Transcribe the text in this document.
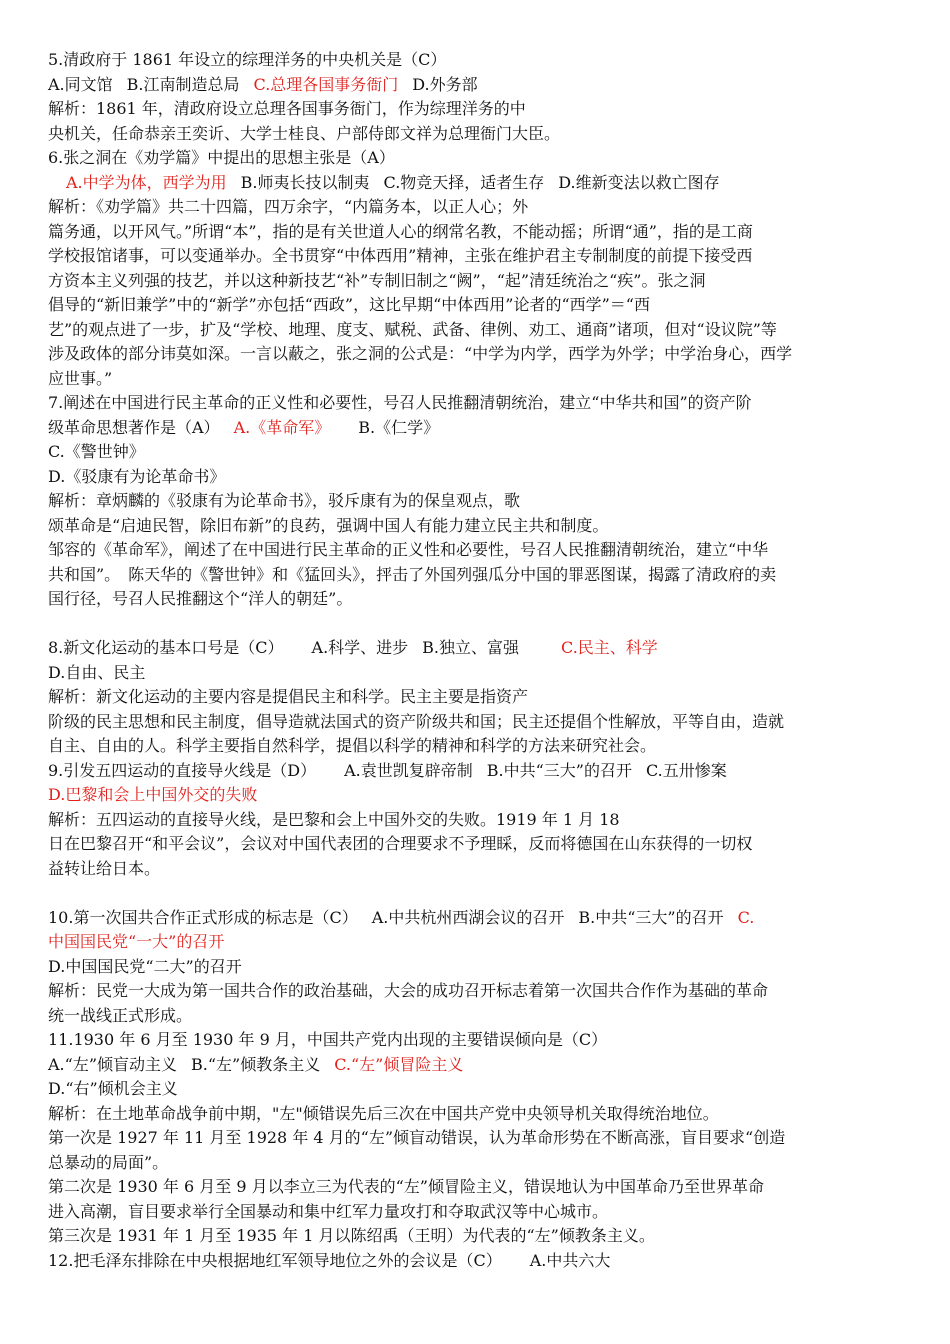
5.清政府于 1861 年设立的综理洋务的中央机关是（C）
A.同文馆 B.江南制造总局 C.总理各国事务衙门 D.外务部
解析：1861 年，清政府设立总理各国事务衙门，作为综理洋务的中
央机关，任命恭亲王奕䜣、大学士桂良、户部侍郎文祥为总理衙门大臣。
6.张之洞在《劝学篇》中提出的思想主张是（A）
A.中学为体，西学为用 B.师夷长技以制夷 C.物竞天择，适者生存 D.维新变法以救亡图存
解析：《劝学篇》共二十四篇，四万余字，“内篇务本，以正人心；外
篇务通，以开风气。”所谓“本”，指的是有关世道人心的纲常名教，不能动摇；所谓“通”，指的是工商
学校报馆诸事，可以变通举办。全书贯穿“中体西用”精神，主张在维护君主专制制度的前提下接受西
方资本主义列强的技艺，并以这种新技艺“补”专制旧制之“阙”，“起”清廷统治之“疾”。张之洞
倡导的“新旧兼学”中的“新学”亦包括“西政”，这比早期“中体西用”论者的“西学”＝“西
艺”的观点进了一步，扩及“学校、地理、度支、赋税、武备、律例、劝工、通商”诸项，但对“设议院”等
涉及政体的部分讳莫如深。一言以蔽之，张之洞的公式是：“中学为内学，西学为外学；中学治身心，西学
应世事。”
7.阐述在中国进行民主革命的正义性和必要性，号召人民推翻清朝统治，建立“中华共和国”的资产阶
级革命思想著作是（A） A.《革命军》 B.《仁学》
C.《警世钟》
D.《驳康有为论革命书》
解析：章炳麟的《驳康有为论革命书》，驳斥康有为的保皇观点，歌
颂革命是“启迪民智，除旧布新”的良药，强调中国人有能力建立民主共和制度。
邹容的《革命军》，阐述了在中国进行民主革命的正义性和必要性，号召人民推翻清朝统治，建立“中华
共和国”。　陈天华的《警世钟》和《猛回头》，抨击了外国列强瓜分中国的罪恶图谋，揭露了清政府的卖
国行径，号召人民推翻这个“洋人的朝廷”。
8.新文化运动的基本口号是（C） A.科学、进步 B.独立、富强	C.民主、科学
D.自由、民主
解析：新文化运动的主要内容是提倡民主和科学。民主主要是指资产
阶级的民主思想和民主制度，倡导造就法国式的资产阶级共和国；民主还提倡个性解放，平等自由，造就
自主、自由的人。科学主要指自然科学，提倡以科学的精神和科学的方法来研究社会。
9.引发五四运动的直接导火线是（D） A.袁世凯复辟帝制 B.中共“三大”的召开 C.五卅惨案
D.巴黎和会上中国外交的失败
解析：五四运动的直接导火线，是巴黎和会上中国外交的失败。1919 年 1 月 18
日在巴黎召开“和平会议”，会议对中国代表团的合理要求不予理睬，反而将德国在山东获得的一切权
益转让给日本。
10.第一次国共合作正式形成的标志是（C） A.中共杭州西湖会议的召开 B.中共“三大”的召开 C.
中国国民党“一大”的召开
D.中国国民党“二大”的召开
解析：民党一大成为第一国共合作的政治基础，大会的成功召开标志着第一次国共合作作为基础的革命
统一战线正式形成。
11.1930 年 6 月至 1930 年 9 月，中国共产党内出现的主要错误倾向是（C）
A.“左”倾盲动主义 B.“左”倾教条主义 C.“左”倾冒险主义
D.“右”倾机会主义
解析：在土地革命战争前中期，"左"倾错误先后三次在中国共产党中央领导机关取得统治地位。
第一次是 1927 年 11 月至 1928 年 4 月的“左”倾盲动错误，认为革命形势在不断高涨，盲目要求“创造
总暴动的局面”。
第二次是 1930 年 6 月至 9 月以李立三为代表的“左”倾冒险主义，错误地认为中国革命乃至世界革命
进入高潮，盲目要求举行全国暴动和集中红军力量攻打和夺取武汉等中心城市。
第三次是 1931 年 1 月至 1935 年 1 月以陈绍禹（王明）为代表的“左”倾教条主义。
12.把毛泽东排除在中央根据地红军领导地位之外的会议是（C） A.中共六大
